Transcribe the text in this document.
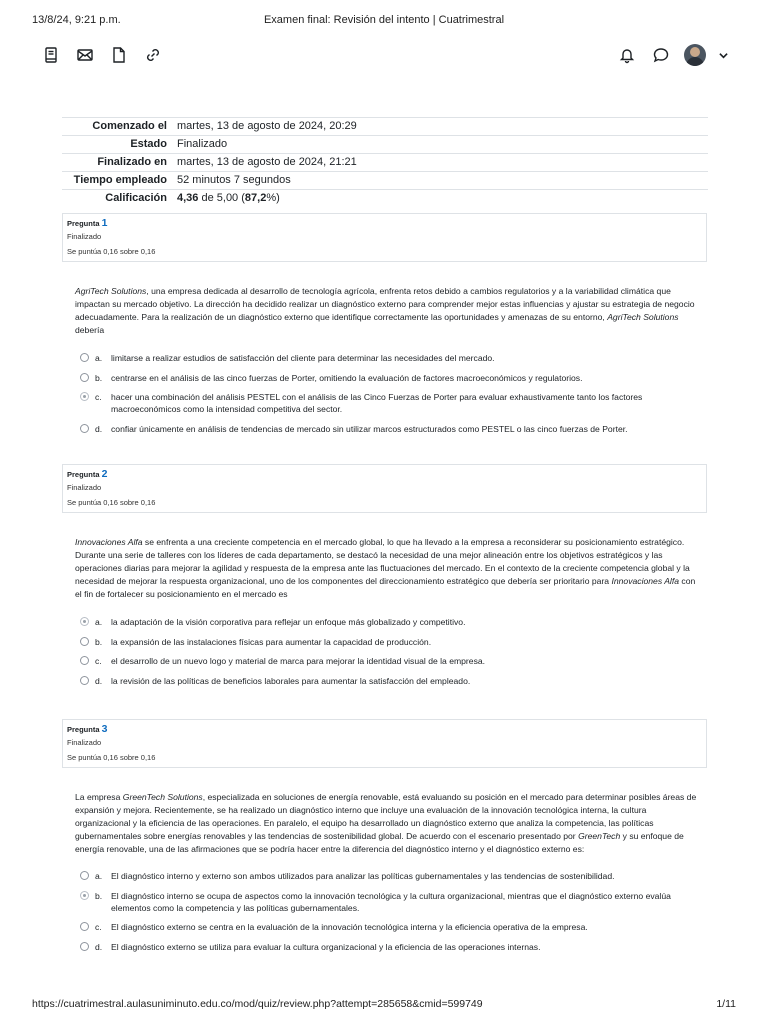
13/8/24, 9:21 p.m.	Examen final: Revisión del intento | Cuatrimestral
Comenzado el	martes, 13 de agosto de 2024, 20:29
Estado	Finalizado
Finalizado en	martes, 13 de agosto de 2024, 21:21
Tiempo empleado	52 minutos 7 segundos
Calificación	4,36 de 5,00 (87,2%)
Pregunta 1
Finalizado
Se puntúa 0,16 sobre 0,16
AgriTech Solutions, una empresa dedicada al desarrollo de tecnología agrícola, enfrenta retos debido a cambios regulatorios y a la variabilidad climática que impactan su mercado objetivo. La dirección ha decidido realizar un diagnóstico externo para comprender mejor estas influencias y ajustar su estrategia de negocio adecuadamente. Para la realización de un diagnóstico externo que identifique correctamente las oportunidades y amenazas de su entorno, AgriTech Solutions debería
a.	limitarse a realizar estudios de satisfacción del cliente para determinar las necesidades del mercado.
b.	centrarse en el análisis de las cinco fuerzas de Porter, omitiendo la evaluación de factores macroeconómicos y regulatorios.
c.	hacer una combinación del análisis PESTEL con el análisis de las Cinco Fuerzas de Porter para evaluar exhaustivamente tanto los factores macroeconómicos como la intensidad competitiva del sector.
d.	confiar únicamente en análisis de tendencias de mercado sin utilizar marcos estructurados como PESTEL o las cinco fuerzas de Porter.
Pregunta 2
Finalizado
Se puntúa 0,16 sobre 0,16
Innovaciones Alfa se enfrenta a una creciente competencia en el mercado global, lo que ha llevado a la empresa a reconsiderar su posicionamiento estratégico. Durante una serie de talleres con los líderes de cada departamento, se destacó la necesidad de una mejor alineación entre los objetivos estratégicos y las operaciones diarias para mejorar la agilidad y respuesta de la empresa ante las fluctuaciones del mercado. En el contexto de la creciente competencia global y la necesidad de mejorar la respuesta organizacional, uno de los componentes del direccionamiento estratégico que debería ser prioritario para Innovaciones Alfa con el fin de fortalecer su posicionamiento en el mercado es
a.	la adaptación de la visión corporativa para reflejar un enfoque más globalizado y competitivo.
b.	la expansión de las instalaciones físicas para aumentar la capacidad de producción.
c.	el desarrollo de un nuevo logo y material de marca para mejorar la identidad visual de la empresa.
d.	la revisión de las políticas de beneficios laborales para aumentar la satisfacción del empleado.
Pregunta 3
Finalizado
Se puntúa 0,16 sobre 0,16
La empresa GreenTech Solutions, especializada en soluciones de energía renovable, está evaluando su posición en el mercado para determinar posibles áreas de expansión y mejora. Recientemente, se ha realizado un diagnóstico interno que incluye una evaluación de la innovación tecnológica interna, la cultura organizacional y la eficiencia de las operaciones. En paralelo, el equipo ha desarrollado un diagnóstico externo que analiza la competencia, las políticas gubernamentales sobre energías renovables y las tendencias de sostenibilidad global. De acuerdo con el escenario presentado por GreenTech y su enfoque de energía renovable, una de las afirmaciones que se podría hacer entre la diferencia del diagnóstico interno y el diagnóstico externo es:
a.	El diagnóstico interno y externo son ambos utilizados para analizar las políticas gubernamentales y las tendencias de sostenibilidad.
b.	El diagnóstico interno se ocupa de aspectos como la innovación tecnológica y la cultura organizacional, mientras que el diagnóstico externo evalúa elementos como la competencia y las políticas gubernamentales.
c.	El diagnóstico externo se centra en la evaluación de la innovación tecnológica interna y la eficiencia operativa de la empresa.
d.	El diagnóstico externo se utiliza para evaluar la cultura organizacional y la eficiencia de las operaciones internas.
https://cuatrimestral.aulasuniminuto.edu.co/mod/quiz/review.php?attempt=285658&cmid=599749	1/11
